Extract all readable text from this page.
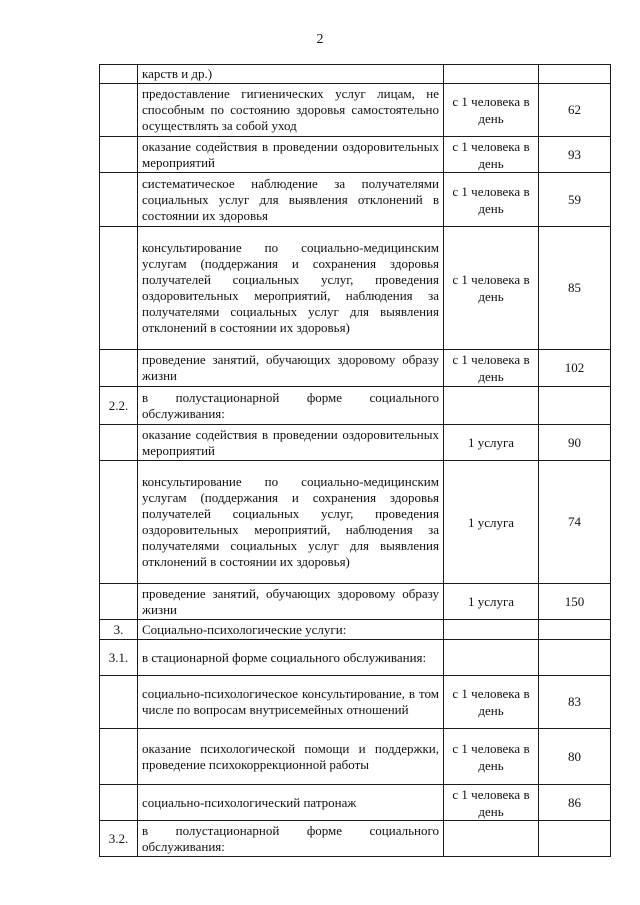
2
	карств и др.)		
	предоставление гигиенических услуг лицам, не способным по состоянию здоровья самостоятельно осуществлять за собой уход	с 1 человека в день	62
	оказание содействия в проведении оздоровительных мероприятий	с 1 человека в день	93
	систематическое наблюдение за получателями социальных услуг для выявления отклонений в состоянии их здоровья	с 1 человека в день	59
	консультирование по социально-медицинским услугам (поддержания и сохранения здоровья получателей социальных услуг, проведения оздоровительных мероприятий, наблюдения за получателями социальных услуг для выявления отклонений в состоянии их здоровья)	с 1 человека в день	85
	проведение занятий, обучающих здоровому образу жизни	с 1 человека в день	102
2.2.	в полустационарной форме социального обслуживания:		
	оказание содействия в проведении оздоровительных мероприятий	1 услуга	90
	консультирование по социально-медицинским услугам (поддержания и сохранения здоровья получателей социальных услуг, проведения оздоровительных мероприятий, наблюдения за получателями социальных услуг для выявления отклонений в состоянии их здоровья)	1 услуга	74
	проведение занятий, обучающих здоровому образу жизни	1 услуга	150
3.	Социально-психологические услуги:		
3.1.	в стационарной форме социального обслуживания:		
	социально-психологическое консультирование, в том числе по вопросам внутрисемейных отношений	с 1 человека в день	83
	оказание психологической помощи и поддержки, проведение психокоррекционной работы	с 1 человека в день	80
	социально-психологический патронаж	с 1 человека в день	86
3.2.	в полустационарной форме социального обслуживания:		
